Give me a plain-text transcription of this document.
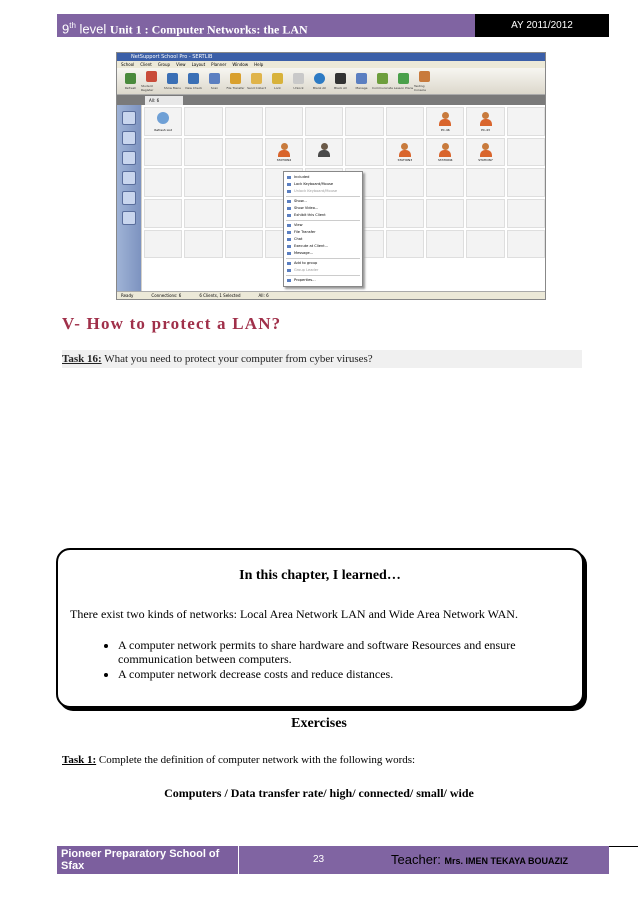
9th level Unit 1 : Computer Networks: the LAN	AY 2011/2012
NetSupport School Pro - SERTLIB
School Client Group View Layout Planner Window Help
Refresh Student Register	Show Menu View Check	Scan	File Transfer Send Collect	Lock	Unlock	Blank All	Black All	Manage Communicate Lesson Plans Testing Console
All: 6
Refresh List	PC-46	PC-43
STATION2	STATION3	STATION4	STATION7
Included
Lock Keyboard/Mouse
Unlock Keyboard/Mouse
Show...
Show Video...
Exhibit this Client
View
File Transfer
Chat
Execute at Client...
Message...
Add to group
Group Leader
Properties...
Ready	Connections: 6	6 Clients, 1 Selected	All: 6
V- How to protect a LAN?
Task 16: What you need to protect your computer from cyber viruses?
In this chapter, I learned…
There exist two kinds of networks: Local Area Network LAN and Wide Area Network WAN.
• A computer network permits to share hardware and software Resources and ensure communication between computers.
• A computer network decrease costs and reduce distances.
Exercises
Task 1: Complete the definition of computer network with the following words:
Computers / Data transfer rate/ high/ connected/ small/ wide
Pioneer Preparatory School of Sfax
23	Teacher: Mrs. IMEN TEKAYA BOUAZIZ
